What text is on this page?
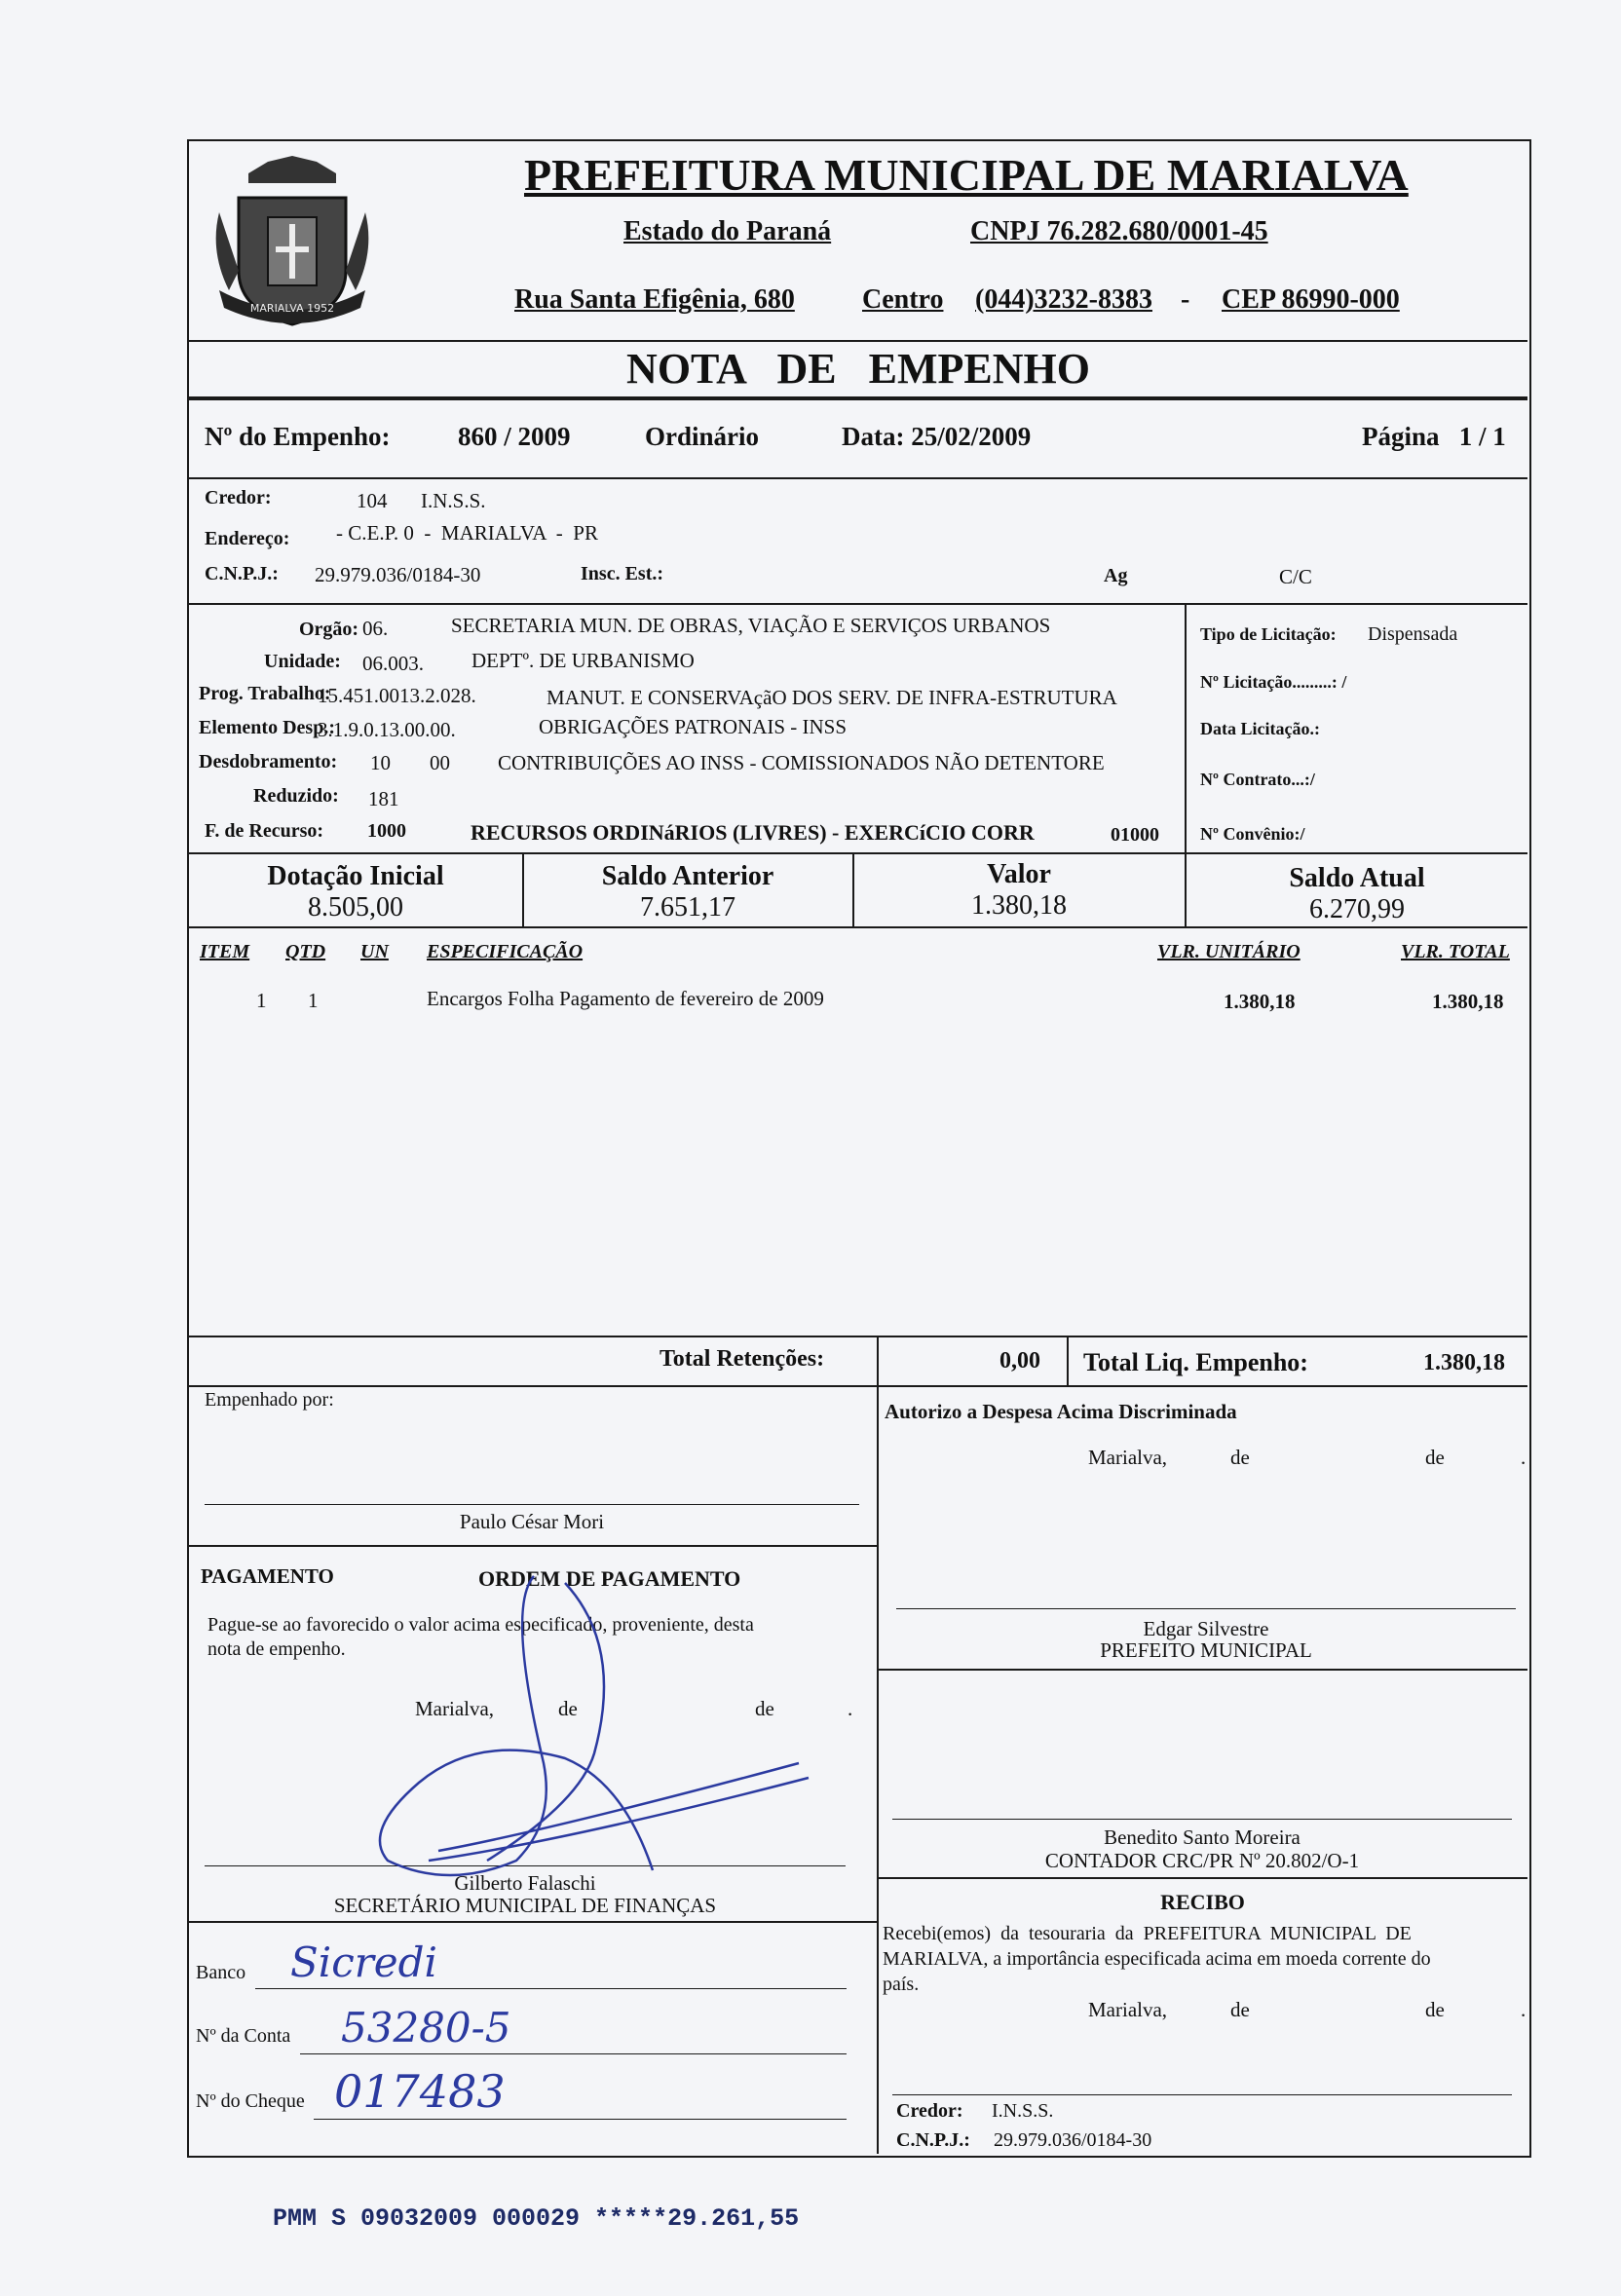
MARIALVA 1952
PREFEITURA MUNICIPAL DE MARIALVA
Estado do Paraná	CNPJ 76.282.680/0001-45
Rua Santa Efigênia, 680 Centro (044)3232-8383 - CEP 86990-000
NOTA   DE   EMPENHO
Nº do Empenho:	860 / 2009	Ordinário	Data: 25/02/2009	Página   1 / 1
Credor:	104 I.N.S.S.
Endereço: - C.E.P. 0  -  MARIALVA  -  PR
C.N.P.J.: 29.979.036/0184-30	Insc. Est.:	Ag	C/C
Orgão: 06.	SECRETARIA MUN. DE OBRAS, VIAÇÃO E SERVIÇOS URBANOS
Unidade: 06.003. DEPTº. DE URBANISMO
Prog. Trabalho:
15.451.0013.2.028.	MANUT. E CONSERVAçãO DOS SERV. DE INFRA-ESTRUTURA
Elemento Desp.:
3.1.9.0.13.00.00.	OBRIGAÇÕES PATRONAIS - INSS
Desdobramento: 10 00 CONTRIBUIÇÕES AO INSS - COMISSIONADOS NÃO DETENTORE
Reduzido: 181
F. de Recurso: 1000	RECURSOS ORDINáRIOS (LIVRES) - EXERCíCIO CORR	01000
Tipo de Licitação: Dispensada
Nº Licitação.........: /
Data Licitação.:
Nº Contrato...:/
Nº Convênio:/
Dotação Inicial
8.505,00
Saldo Anterior
7.651,17
Valor
1.380,18
Saldo Atual
6.270,99
ITEM QTD UN ESPECIFICAÇÃO	VLR. UNITÁRIO	VLR. TOTAL
1 1	Encargos Folha Pagamento de fevereiro de 2009	1.380,18	1.380,18
Total Retenções:	0,00 Total Liq. Empenho:	1.380,18
Empenhado por:
Paulo César Mori
PAGAMENTO	ORDEM DE PAGAMENTO
Pague-se ao favorecido o valor acima especificado, proveniente, desta
nota de empenho.
Marialva,	de	de	.
Gilberto Falaschi
SECRETÁRIO MUNICIPAL DE FINANÇAS
Banco Sicredi
Nº da Conta 53280-5
Nº do Cheque 017483
Autorizo a Despesa Acima Discriminada
Marialva,	de	de	.
Edgar Silvestre
PREFEITO MUNICIPAL
Benedito Santo Moreira
CONTADOR CRC/PR Nº 20.802/O-1
RECIBO
Recebi(emos)  da  tesouraria  da  PREFEITURA  MUNICIPAL  DE
MARIALVA, a importância especificada acima em moeda corrente do
país.
Marialva,	de	de	.
Credor: I.N.S.S.
C.N.P.J.: 29.979.036/0184-30
PMM S 09032009 000029 *****29.261,55
